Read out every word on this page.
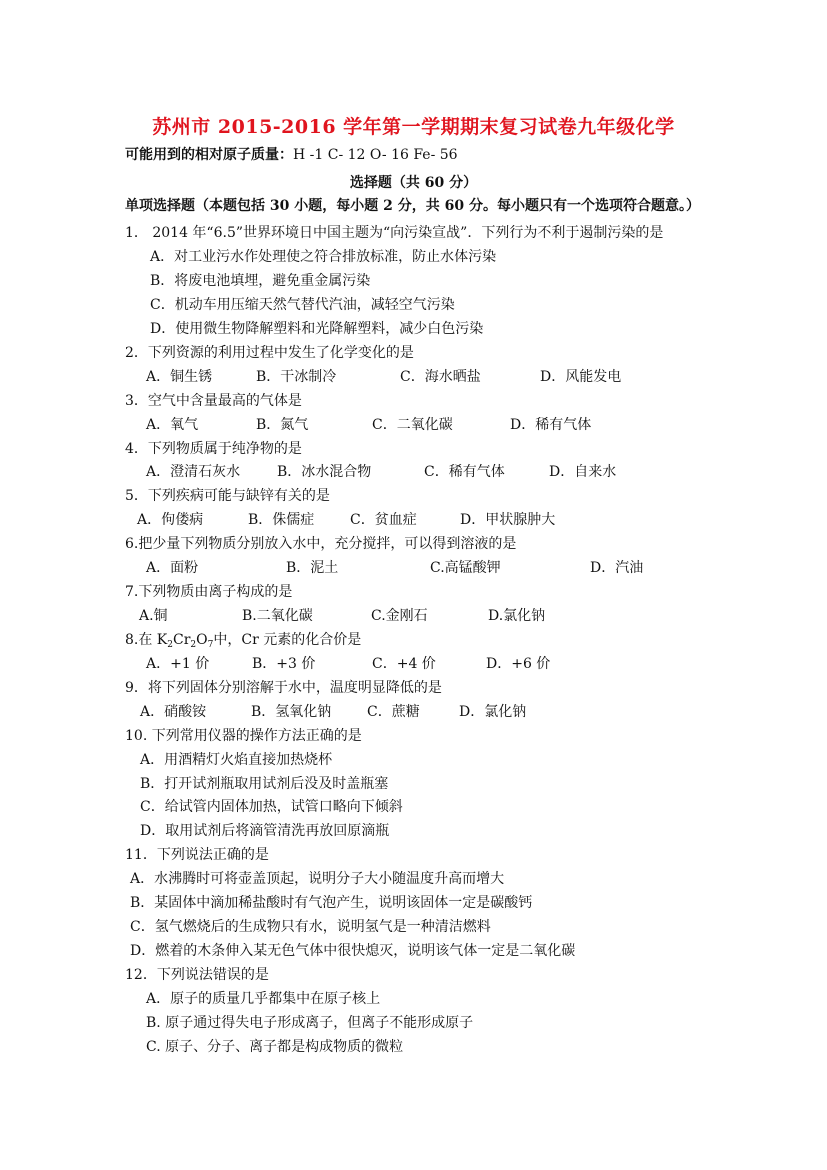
苏州市 2015-2016 学年第一学期期末复习试卷九年级化学
可能用到的相对原子质量：H -1 C- 12 O- 16 Fe- 56
选择题（共 60 分）
单项选择题（本题包括 30 小题，每小题 2 分，共 60 分。每小题只有一个选项符合题意。）
1． 2014 年“6.5”世界环境日中国主题为“向污染宣战”．下列行为不利于遏制污染的是
A．对工业污水作处理使之符合排放标准，防止水体污染
B．将废电池填埋，避免重金属污染
C．机动车用压缩天然气替代汽油，减轻空气污染
D．使用微生物降解塑料和光降解塑料，减少白色污染
2．下列资源的利用过程中发生了化学变化的是
A．铜生锈	B．干冰制冷	C．海水晒盐	D．风能发电
3．空气中含量最高的气体是
A．氧气	B．氮气	C．二氧化碳	D．稀有气体
4．下列物质属于纯净物的是
A．澄清石灰水	B．冰水混合物	C．稀有气体	D．自来水
5．下列疾病可能与缺锌有关的是
A．佝偻病	B．侏儒症	C．贫血症	D．甲状腺肿大
6.把少量下列物质分别放入水中，充分搅拌，可以得到溶液的是
A．面粉	B．泥土	C.高锰酸钾	D．汽油
7.下列物质由离子构成的是
A.铜	B.二氧化碳	C.金刚石	D.氯化钠
8.在 $K_2Cr_2O_7$中，Cr 元素的化合价是
A．+1 价	B．+3 价	C．+4 价	D．+6 价
9．将下列固体分别溶解于水中，温度明显降低的是
A．硝酸铵	B．氢氧化钠	C．蔗糖	D．氯化钠
10. 下列常用仪器的操作方法正确的是
A．用酒精灯火焰直接加热烧杯
B．打开试剂瓶取用试剂后没及时盖瓶塞
C．给试管内固体加热，试管口略向下倾斜
D．取用试剂后将滴管清洗再放回原滴瓶
11．下列说法正确的是
A．水沸腾时可将壶盖顶起，说明分子大小随温度升高而增大
B．某固体中滴加稀盐酸时有气泡产生，说明该固体一定是碳酸钙
C．氢气燃烧后的生成物只有水，说明氢气是一种清洁燃料
D．燃着的木条伸入某无色气体中很快熄灭，说明该气体一定是二氧化碳
12．下列说法错误的是
A．原子的质量几乎都集中在原子核上
B. 原子通过得失电子形成离子，但离子不能形成原子
C. 原子、分子、离子都是构成物质的微粒
